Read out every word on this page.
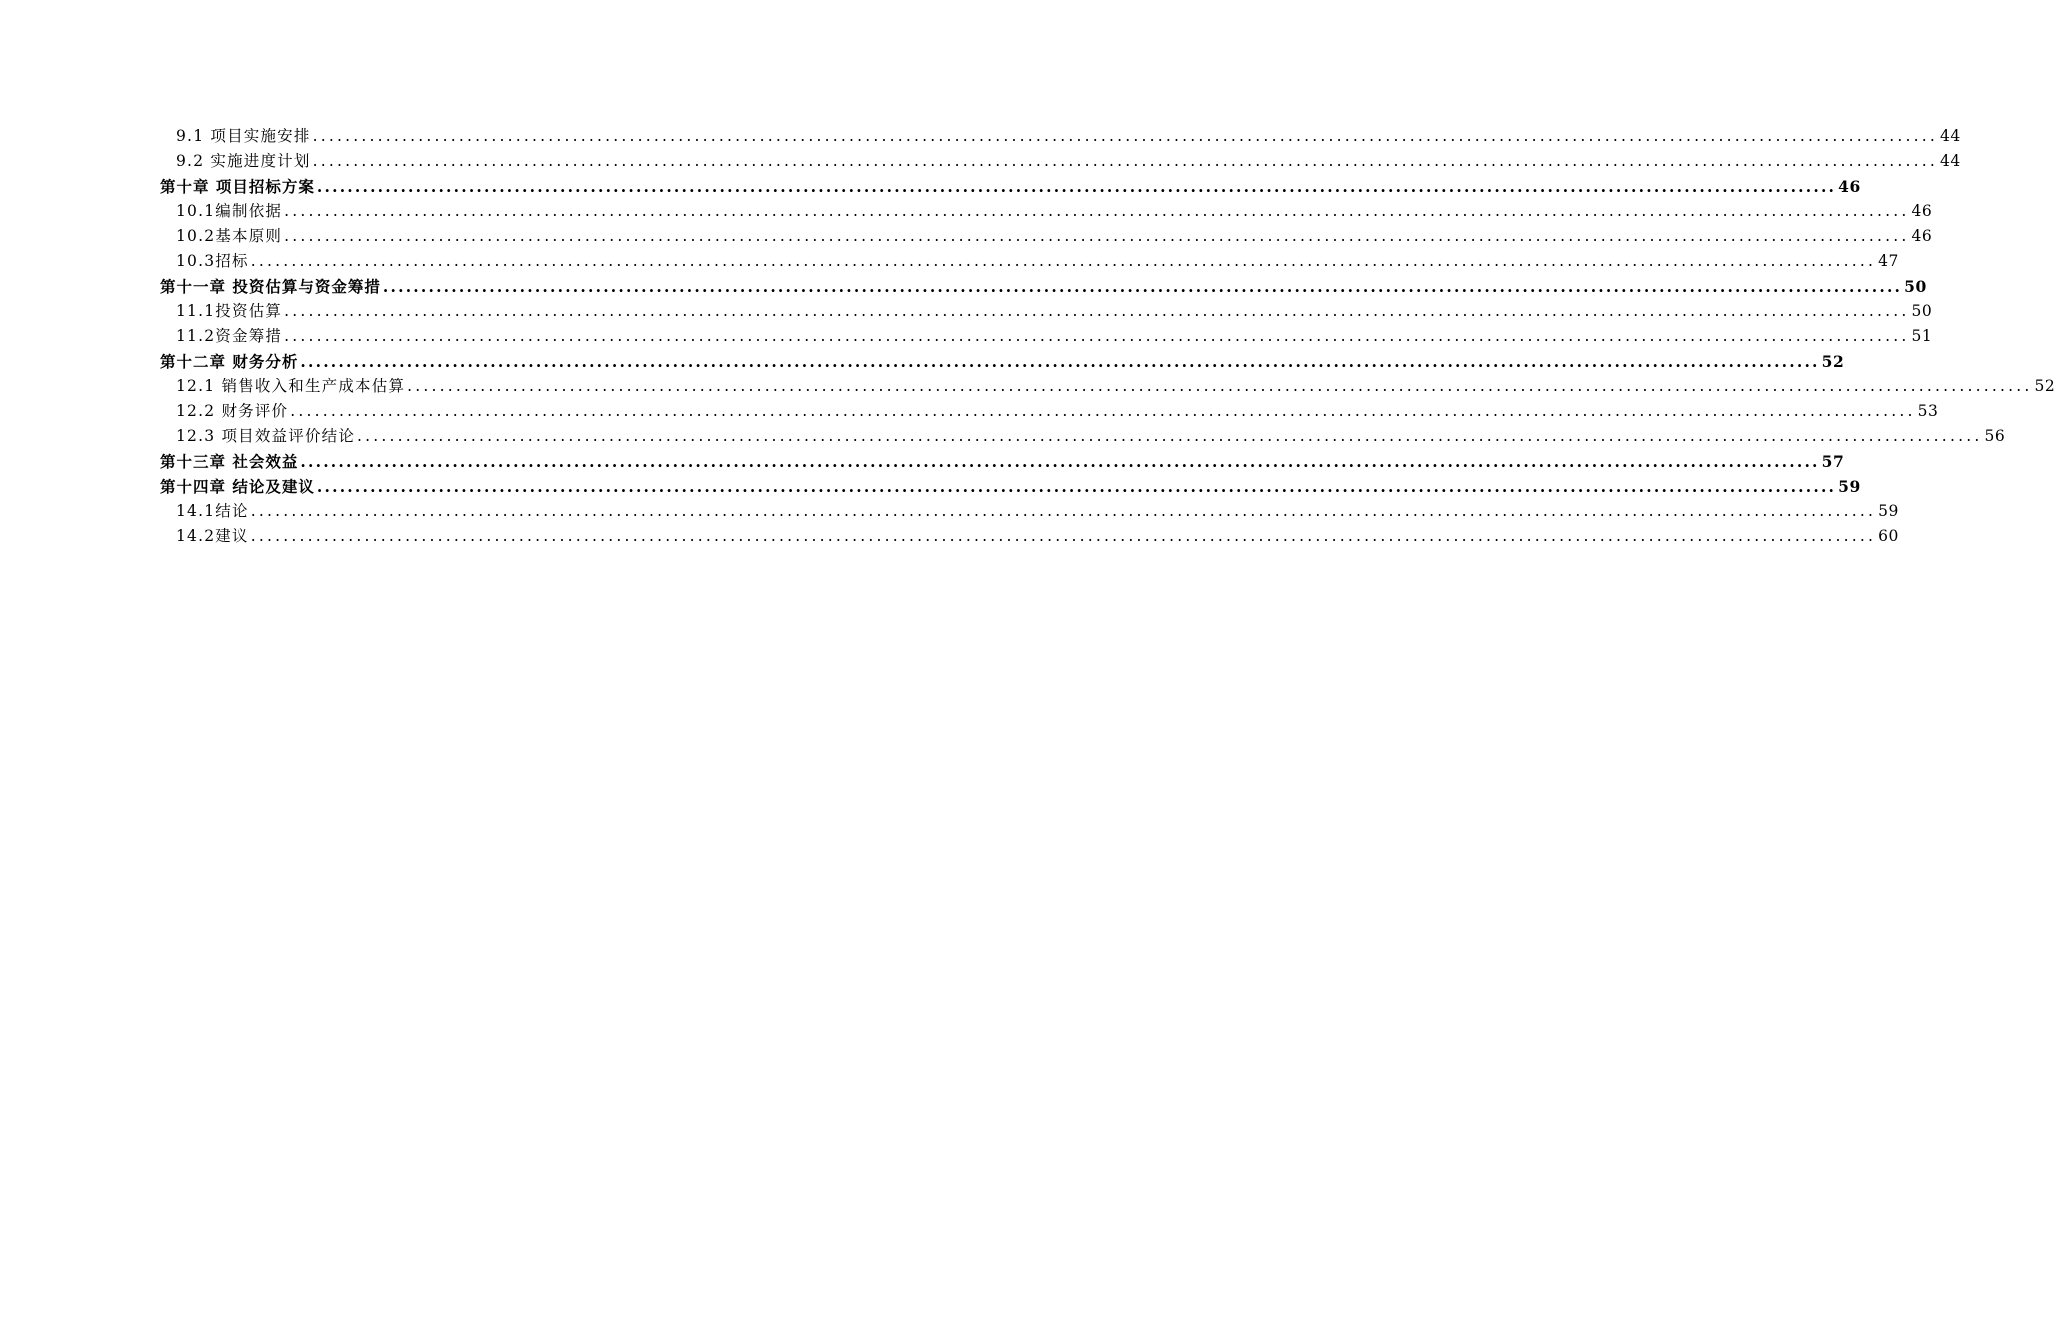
9.1 项目实施安排 ........................................................................................................................................................................................................ 44
9.2 实施进度计划 ........................................................................................................................................................................................................ 44
第十章 项目招标方案 ........................................................................................................................................................................................................ 46
10.1编制依据 ........................................................................................................................................................................................................ 46
10.2基本原则 ........................................................................................................................................................................................................ 46
10.3招标 ........................................................................................................................................................................................................ 47
第十一章 投资估算与资金筹措 ........................................................................................................................................................................................................ 50
11.1投资估算 ........................................................................................................................................................................................................ 50
11.2资金筹措 ........................................................................................................................................................................................................ 51
第十二章 财务分析 ........................................................................................................................................................................................................ 52
12.1 销售收入和生产成本估算 ........................................................................................................................................................................................................ 52
12.2 财务评价 ........................................................................................................................................................................................................ 53
12.3 项目效益评价结论 ........................................................................................................................................................................................................ 56
第十三章 社会效益 ........................................................................................................................................................................................................ 57
第十四章 结论及建议 ........................................................................................................................................................................................................ 59
14.1结论 ........................................................................................................................................................................................................ 59
14.2建议 ........................................................................................................................................................................................................ 60
